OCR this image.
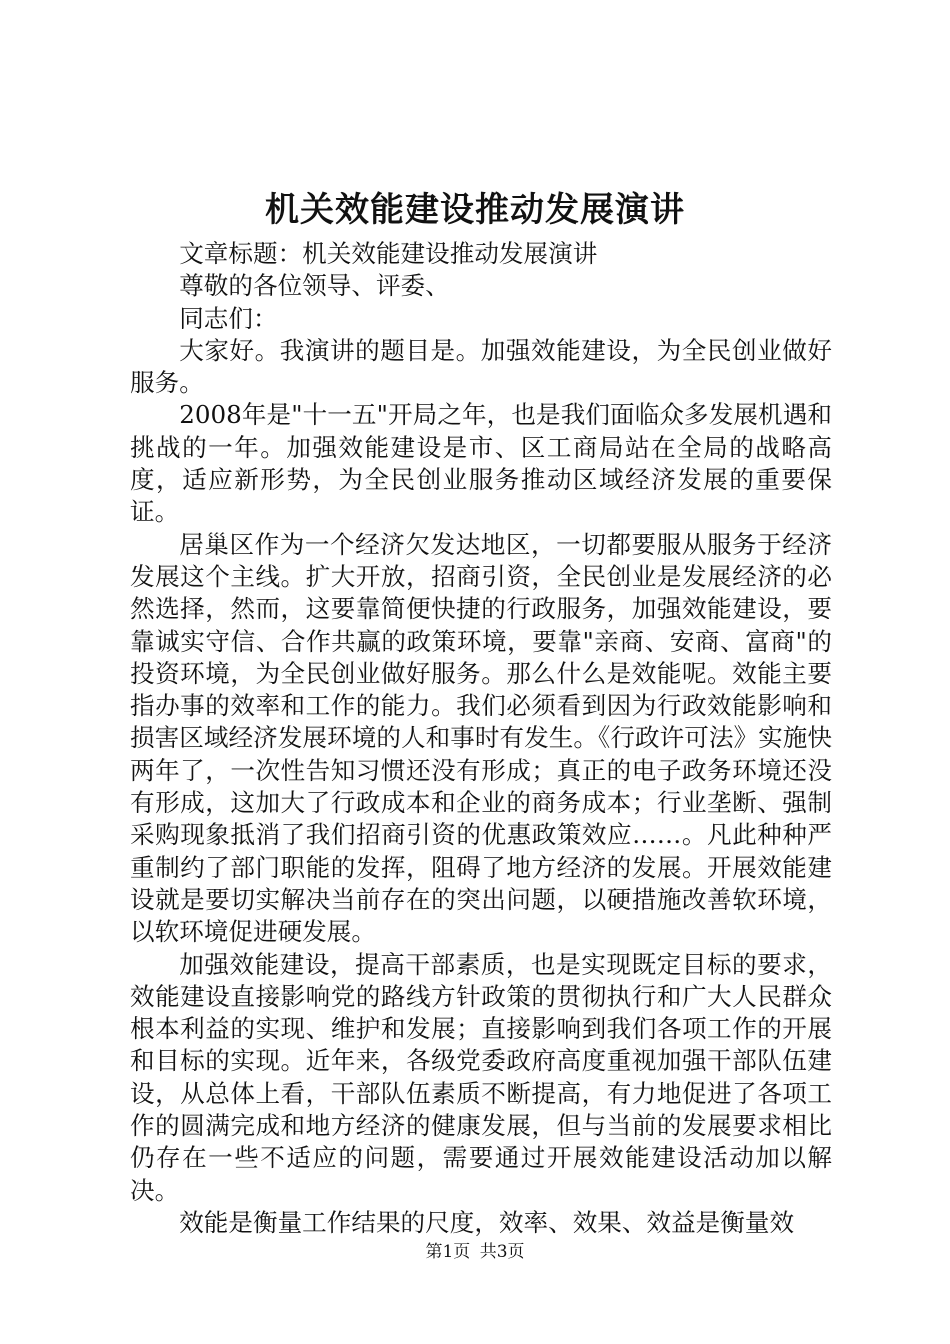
机关效能建设推动发展演讲

文章标题：机关效能建设推动发展演讲

尊敬的各位领导、评委、

同志们：

大家好。我演讲的题目是。加强效能建设，为全民创业做好服务。

2008年是"十一五"开局之年，也是我们面临众多发展机遇和挑战的一年。加强效能建设是市、区工商局站在全局的战略高度，适应新形势，为全民创业服务推动区域经济发展的重要保证。

居巢区作为一个经济欠发达地区，一切都要服从服务于经济发展这个主线。扩大开放，招商引资，全民创业是发展经济的必然选择，然而，这要靠简便快捷的行政服务，加强效能建设，要靠诚实守信、合作共赢的政策环境，要靠"亲商、安商、富商"的投资环境，为全民创业做好服务。那么什么是效能呢。效能主要指办事的效率和工作的能力。我们必须看到因为行政效能影响和损害区域经济发展环境的人和事时有发生。《行政许可法》实施快两年了，一次性告知习惯还没有形成；真正的电子政务环境还没有形成，这加大了行政成本和企业的商务成本；行业垄断、强制采购现象抵消了我们招商引资的优惠政策效应……。凡此种种严重制约了部门职能的发挥，阻碍了地方经济的发展。开展效能建设就是要切实解决当前存在的突出问题，以硬措施改善软环境，以软环境促进硬发展。

加强效能建设，提高干部素质，也是实现既定目标的要求，效能建设直接影响党的路线方针政策的贯彻执行和广大人民群众根本利益的实现、维护和发展；直接影响到我们各项工作的开展和目标的实现。近年来，各级党委政府高度重视加强干部队伍建设，从总体上看，干部队伍素质不断提高，有力地促进了各项工作的圆满完成和地方经济的健康发展，但与当前的发展要求相比仍存在一些不适应的问题，需要通过开展效能建设活动加以解决。

效能是衡量工作结果的尺度，效率、效果、效益是衡量效

第1页 共3页
